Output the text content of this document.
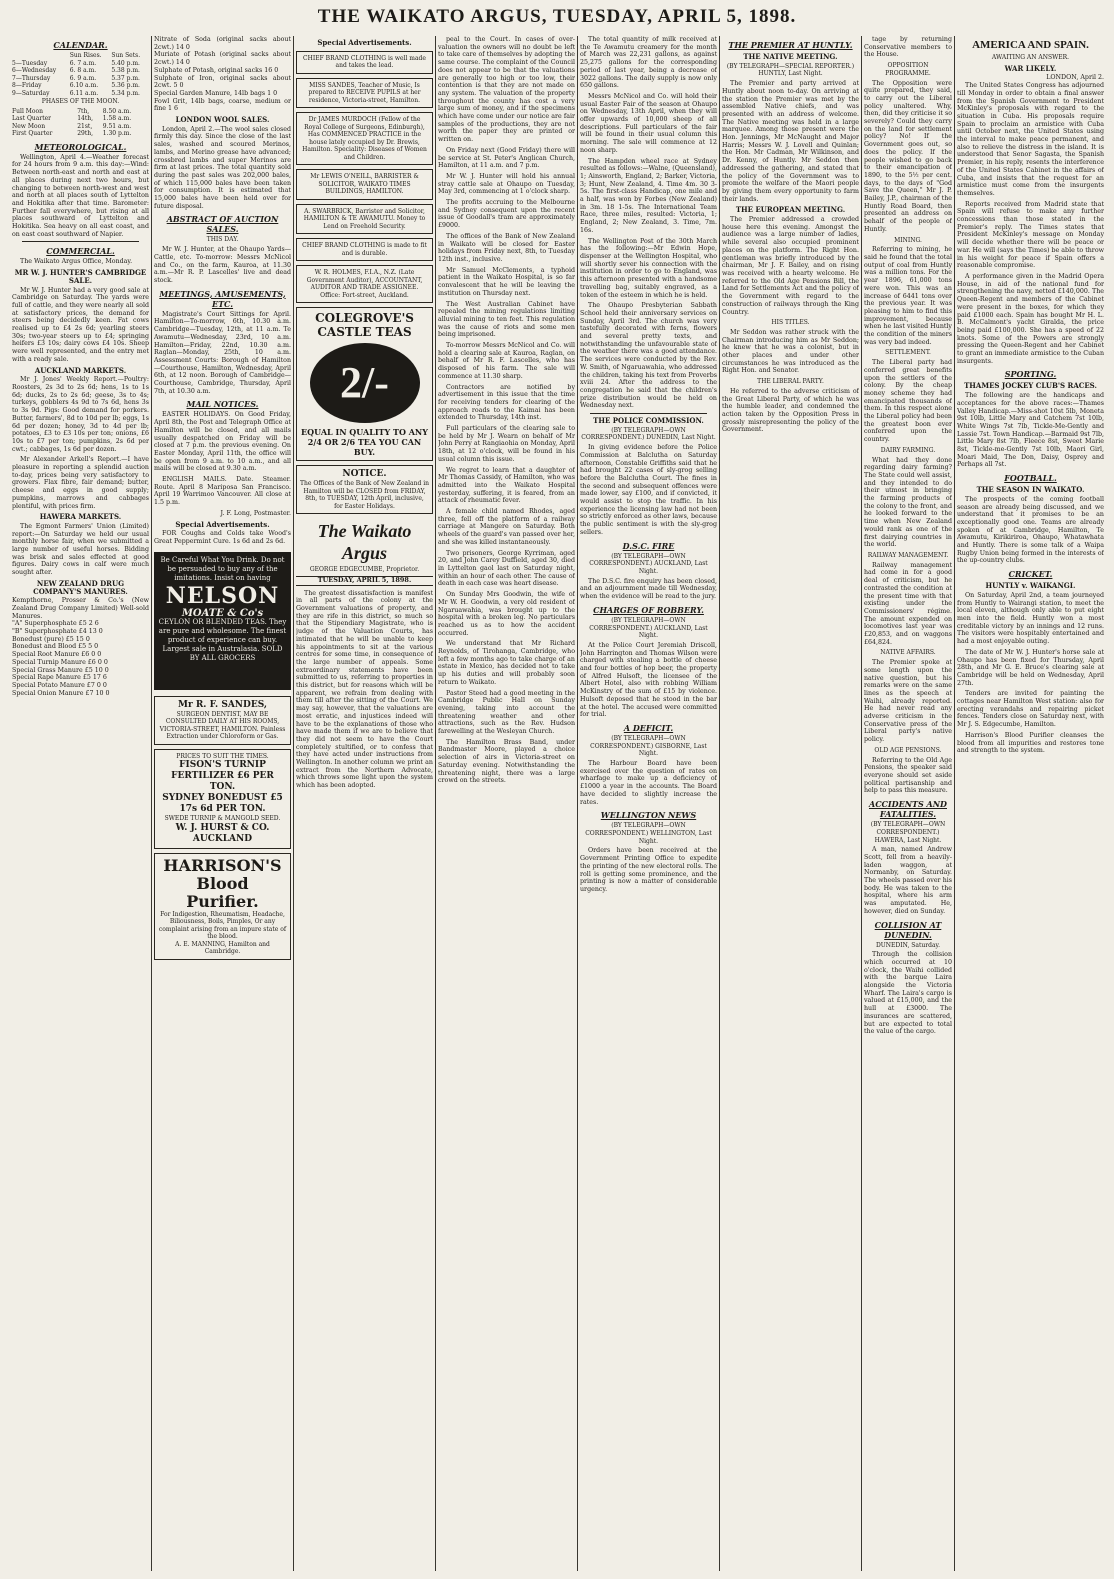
THE WAIKATO ARGUS, TUESDAY, APRIL 5, 1898.
CALENDAR.
	Sun Rises.	Sun Sets.
5—Tuesday	6. 7 a.m.	5.40 p.m.
6—Wednesday	6. 8 a.m.	5.38 p.m.
7—Thursday	6. 9 a.m.	5.37 p.m.
8—Friday	6.10 a.m.	5.36 p.m.
9—Saturday	6.11 a.m.	5.34 p.m.
PHASES OF THE MOON.
Full Moon	7th,	8.50 a.m.
Last Quarter	14th,	1.58 a.m.
New Moon	21st,	9.51 a.m.
First Quarter	29th,	1.30 p.m.
METEOROLOGICAL.

Wellington, April 4.—Weather forecast for 24 hours from 9 a.m. this day:—Wind: Between north-east and north and east at all places during next two hours, but changing to between north-west and west and north at all places south of Lyttelton and Hokitika after that time. Barometer: Further fall everywhere, but rising at all places southward of Lyttelton and Hokitika. Sea heavy on all east coast, and on east coast southward of Napier.

COMMERCIAL.

The Waikato Argus Office, Monday.

MR W. J. HUNTER'S CAMBRIDGE SALE.

Mr W. J. Hunter had a very good sale at Cambridge on Saturday. The yards were full of cattle, and they were nearly all sold at satisfactory prices, the demand for steers being decidedly keen. Fat cows realised up to £4 2s 6d; yearling steers 30s; two-year steers up to £4; springing heifers £3 10s; dairy cows £4 10s. Sheep were well represented, and the entry met with a ready sale.

AUCKLAND MARKETS.

Mr J. Jones' Weekly Report.—Poultry: Roosters, 2s 3d to 2s 6d; hens, 1s to 1s 6d; ducks, 2s to 2s 6d; geese, 3s to 4s; turkeys, gobblers 4s 9d to 7s 6d, hens 3s to 3s 9d. Pigs: Good demand for porkers. Butter, farmers', 8d to 10d per lb; eggs, 1s 6d per dozen; honey, 3d to 4d per lb; potatoes, £3 to £3 10s per ton; onions, £6 10s to £7 per ton; pumpkins, 2s 6d per cwt.; cabbages, 1s 6d per dozen.

Mr Alexander Arkell's Report.—I have pleasure in reporting a splendid auction to-day, prices being very satisfactory to growers. Flax fibre, fair demand; butter, cheese and eggs in good supply; pumpkins, marrows and cabbages plentiful, with prices firm.

HAWERA MARKETS.

The Egmont Farmers' Union (Limited) report:—On Saturday we held our usual monthly horse fair, when we submitted a large number of useful horses. Bidding was brisk and sales effected at good figures. Dairy cows in calf were much sought after.

NEW ZEALAND DRUG COMPANY'S MANURES.
Kempthorne, Prosser & Co.'s (New Zealand Drug Company Limited) Well-sold Manures.
"A" Superphosphate £5 2 6
"B" Superphosphate £4 13 0
Bonedust (pure) £5 15 0
Bonedust and Blood £5 5 0
Special Root Manure £6 0 0
Special Turnip Manure £6 0 0
Special Grass Manure £5 10 0
Special Rape Manure £5 17 6
Special Potato Manure £7 0 0
Special Onion Manure £7 10 0
Nitrate of Soda (original sacks about 2cwt.) 14 0
Muriate of Potash (original sacks about 2cwt.) 14 0
Sulphate of Potash, original sacks 16 0
Sulphate of Iron, original sacks about 2cwt. 5 0
Special Garden Manure, 14lb bags 1 0
Fowl Grit, 14lb bags, coarse, medium or fine 1 6
LONDON WOOL SALES.

London, April 2.—The wool sales closed firmly this day. Since the close of the last sales, washed and scoured Merinos, lambs, and Merino grease have advanced; crossbred lambs and super Merinos are firm at last prices. The total quantity sold during the past sales was 202,000 bales, of which 115,000 bales have been taken for consumption. It is estimated that 15,000 bales have been held over for future disposal.

ABSTRACT OF AUCTION SALES.
THIS DAY.

Mr W. J. Hunter, at the Ohaupo Yards—Cattle, etc. To-morrow: Messrs McNicol and Co., on the farm, Kauroa, at 11.30 a.m.—Mr R. P. Lascelles' live and dead stock.

MEETINGS, AMUSEMENTS, ETC.

Magistrate's Court Sittings for April. Hamilton—To-morrow, 6th, 10.30 a.m. Cambridge—Tuesday, 12th, at 11 a.m. Te Awamutu—Wednesday, 23rd, 10 a.m. Hamilton—Friday, 22nd, 10.30 a.m. Raglan—Monday, 25th, 10 a.m. Assessment Courts: Borough of Hamilton—Courthouse, Hamilton, Wednesday, April 6th, at 12 noon. Borough of Cambridge—Courthouse, Cambridge, Thursday, April 7th, at 10.30 a.m.

MAIL NOTICES.

EASTER HOLIDAYS. On Good Friday, April 8th, the Post and Telegraph Office at Hamilton will be closed, and all mails usually despatched on Friday will be closed at 7 p.m. the previous evening. On Easter Monday, April 11th, the office will be open from 9 a.m. to 10 a.m., and all mails will be closed at 9.30 a.m.

ENGLISH MAILS. Date. Steamer. Route. April 8 Mariposa San Francisco. April 19 Warrimoo Vancouver. All close at 1.5 p.m.

J. F. Long, Postmaster.
Special Advertisements.

FOR Coughs and Colds take Wood's Great Peppermint Cure. 1s 6d and 2s 6d.

Be Careful What You Drink. Do not be persuaded to buy any of the imitations. Insist on having
NELSON
MOATE & Co's
CEYLON OR BLENDED TEAS. They are pure and wholesome. The finest product of experience can buy. Largest sale in Australasia. SOLD BY ALL GROCERS
Mr R. F. SANDES,
SURGEON DENTIST, MAY BE CONSULTED DAILY AT HIS ROOMS, VICTORIA-STREET, HAMILTON. Painless Extraction under Chloroform or Gas.
PRICES TO SUIT THE TIMES.
FISON'S TURNIP FERTILIZER £6 PER TON.
SYDNEY BONEDUST £5 17s 6d PER TON.
SWEDE TURNIP & MANGOLD SEED.
W. J. HURST & CO. AUCKLAND
HARRISON'S Blood Purifier.
For Indigestion, Rheumatism, Headache, Biliousness, Boils, Pimples, Or any complaint arising from an impure state of the blood.
A. E. MANNING, Hamilton and Cambridge.
Special Advertisements.
CHIEF BRAND CLOTHING is well made and takes the lead.
MISS SANDES, Teacher of Music, Is prepared to RECEIVE PUPILS at her residence, Victoria-street, Hamilton.
Dr JAMES MURDOCH (Fellow of the Royal College of Surgeons, Edinburgh), Has COMMENCED PRACTICE in the house lately occupied by Dr. Brewis, Hamilton. Speciality: Diseases of Women and Children.
Mr LEWIS O'NEILL, BARRISTER & SOLICITOR, WAIKATO TIMES BUILDINGS, HAMILTON.
A. SWARBRICK, Barrister and Solicitor, HAMILTON & TE AWAMUTU. Money to Lend on Freehold Security.
CHIEF BRAND CLOTHING is made to fit and is durable.
W. R. HOLMES, F.I.A., N.Z. (Late Government Auditor), ACCOUNTANT, AUDITOR AND TRADE ASSIGNEE. Office: Fort-street, Auckland.
COLEGROVE'S CASTLE TEAS
2/-
EQUAL IN QUALITY TO ANY 2/4 OR 2/6 TEA YOU CAN BUY.
NOTICE.
The Offices of the Bank of New Zealand in Hamilton will be CLOSED from FRIDAY, 8th, to TUESDAY, 12th April, inclusive, for Easter Holidays.
The Waikato Argus
GEORGE EDGECUMBE, Proprietor.
TUESDAY, APRIL 5, 1898.

The greatest dissatisfaction is manifest in all parts of the colony at the Government valuations of property, and they are rife in this district, so much so that the Stipendiary Magistrate, who is judge of the Valuation Courts, has intimated that he will be unable to keep his appointments to sit at the various centres for some time, in consequence of the large number of appeals. Some extraordinary statements have been submitted to us, referring to properties in this district, but for reasons which will be apparent, we refrain from dealing with them till after the sitting of the Court. We may say, however, that the valuations are most erratic, and injustices indeed will have to be the explanations of those who have made them if we are to believe that they did not seem to have the Court completely stultified, or to confess that they have acted under instructions from Wellington. In another column we print an extract from the Northern Advocate, which throws some light upon the system which has been adopted.

peal to the Court. In cases of over-valuation the owners will no doubt be left to take care of themselves by adopting the same course. The complaint of the Council does not appear to be that the valuations are generally too high or too low, their contention is that they are not made on any system. The valuation of the property throughout the county has cost a very large sum of money, and if the specimens which have come under our notice are fair samples of the productions, they are not worth the paper they are printed or written on.

On Friday next (Good Friday) there will be service at St. Peter's Anglican Church, Hamilton, at 11 a.m. and 7 p.m.

Mr W. J. Hunter will hold his annual stray cattle sale at Ohaupo on Tuesday, May 3rd, commencing at 1 o'clock sharp.

The profits accruing to the Melbourne and Sydney consequent upon the recent issue of Goodall's tram are approximately £9000.

The offices of the Bank of New Zealand in Waikato will be closed for Easter holidays from Friday next, 8th, to Tuesday 12th inst., inclusive.

Mr Samuel McClements, a typhoid patient in the Waikato Hospital, is so far convalescent that he will be leaving the institution on Thursday next.

The West Australian Cabinet have repealed the mining regulations limiting alluvial mining to ten feet. This regulation was the cause of riots and some men being imprisoned.

To-morrow Messrs McNicol and Co. will hold a clearing sale at Kauroa, Raglan, on behalf of Mr R. F. Lascelles, who has disposed of his farm. The sale will commence at 11.30 sharp.

Contractors are notified by advertisement in this issue that the time for receiving tenders for clearing of the approach roads to the Kaimai has been extended to Thursday, 14th inst.

Full particulars of the clearing sale to be held by Mr J. Wearn on behalf of Mr John Perry at Rangiaohia on Monday, April 18th, at 12 o'clock, will be found in his usual column this issue.

We regret to learn that a daughter of Mr Thomas Cassidy, of Hamilton, who was admitted into the Waikato Hospital yesterday, suffering, it is feared, from an attack of rheumatic fever.

A female child named Rhodes, aged three, fell off the platform of a railway carriage at Mangere on Saturday. Both wheels of the guard's van passed over her, and she was killed instantaneously.

Two prisoners, George Kyrriman, aged 20, and John Carey Duffield, aged 30, died in Lyttelton gaol last on Saturday night, within an hour of each other. The cause of death in each case was heart disease.

On Sunday Mrs Goodwin, the wife of Mr W. H. Goodwin, a very old resident of Ngaruawahia, was brought up to the hospital with a broken leg. No particulars reached us as to how the accident occurred.

We understand that Mr Richard Reynolds, of Tirohanga, Cambridge, who left a few months ago to take charge of an estate in Mexico, has decided not to take up his duties and will probably soon return to Waikato.

Pastor Steed had a good meeting in the Cambridge Public Hall on Sunday evening, taking into account the threatening weather and other attractions, such as the Rev. Hudson farewelling at the Wesleyan Church.

The Hamilton Brass Band, under Bandmaster Moore, played a choice selection of airs in Victoria-street on Saturday evening. Notwithstanding the threatening night, there was a large crowd on the streets.

The total quantity of milk received at the Te Awamutu creamery for the month of March was 22,231 gallons, as against 25,275 gallons for the corresponding period of last year, being a decrease of 3022 gallons. The daily supply is now only 650 gallons.

Messrs McNicol and Co. will hold their usual Easter Fair of the season at Ohaupo on Wednesday, 13th April, when they will offer upwards of 10,000 sheep of all descriptions. Full particulars of the fair will be found in their usual column this morning. The sale will commence at 12 noon sharp.

The Hampden wheel race at Sydney resulted as follows:—Walne, (Queensland), 1; Ainsworth, England, 2; Barker, Victoria, 3; Hunt, New Zealand, 4. Time 4m. 30 3-5s. The first-class Handicap, one mile and a half, was won by Forbes (New Zealand) in 3m. 18 1-5s. The International Team Race, three miles, resulted: Victoria, 1; England, 2; New Zealand, 3. Time, 7m. 16s.

The Wellington Post of the 30th March has the following:—Mr Edwin Hope, dispenser at the Wellington Hospital, who will shortly sever his connection with the institution in order to go to England, was this afternoon presented with a handsome travelling bag, suitably engraved, as a token of the esteem in which he is held.

The Ohaupo Presbyterian Sabbath School held their anniversary services on Sunday, April 3rd. The church was very tastefully decorated with ferns, flowers and several pretty texts, and notwithstanding the unfavourable state of the weather there was a good attendance. The services were conducted by the Rev. W. Smith, of Ngaruawahia, who addressed the children, taking his text from Proverbs xviii 24. After the address to the congregation he said that the children's prize distribution would be held on Wednesday next.

THE POLICE COMMISSION.
(BY TELEGRAPH—OWN CORRESPONDENT.) DUNEDIN, Last Night.

In giving evidence before the Police Commission at Balclutha on Saturday afternoon, Constable Griffiths said that he had brought 22 cases of sly-grog selling before the Balclutha Court. The fines in the second and subsequent offences were made lower, say £100, and if convicted, it would assist to stop the traffic. In his experience the licensing law had not been so strictly enforced as other laws, because the public sentiment is with the sly-grog sellers.

D.S.C. FIRE
(BY TELEGRAPH—OWN CORRESPONDENT.) AUCKLAND, Last Night.

The D.S.C. fire enquiry has been closed, and an adjournment made till Wednesday, when the evidence will be read to the jury.

CHARGES OF ROBBERY.
(BY TELEGRAPH—OWN CORRESPONDENT.) AUCKLAND, Last Night.

At the Police Court Jeremiah Driscoll, John Harrington and Thomas Wilson were charged with stealing a bottle of cheese and four bottles of hop beer, the property of Alfred Hulsoft, the licensee of the Albert Hotel, also with robbing William McKinstry of the sum of £15 by violence. Hulsoft deposed that he stood in the bar at the hotel. The accused were committed for trial.

A DEFICIT.
(BY TELEGRAPH—OWN CORRESPONDENT.) GISBORNE, Last Night.

The Harbour Board have been exercised over the question of rates on wharfage to make up a deficiency of £1000 a year in the accounts. The Board have decided to slightly increase the rates.

WELLINGTON NEWS
(BY TELEGRAPH—OWN CORRESPONDENT.) WELLINGTON, Last Night.

Orders have been received at the Government Printing Office to expedite the printing of the new electoral rolls. The roll is getting some prominence, and the printing is now a matter of considerable urgency.

THE PREMIER AT HUNTLY.
THE NATIVE MEETING.
(BY TELEGRAPH—SPECIAL REPORTER.) HUNTLY, Last Night.

The Premier and party arrived at Huntly about noon to-day. On arriving at the station the Premier was met by the assembled Native chiefs, and was presented with an address of welcome. The Native meeting was held in a large marquee. Among those present were the Hon. Jennings, Mr McNaught and Major Harris; Messrs W. J. Lovell and Quinlan; the Hon. Mr Cadman, Mr Wilkinson, and Dr. Kenny, of Huntly. Mr Seddon then addressed the gathering, and stated that the policy of the Government was to promote the welfare of the Maori people by giving them every opportunity to farm their lands.

THE EUROPEAN MEETING.

The Premier addressed a crowded house here this evening. Amongst the audience was a large number of ladies, while several also occupied prominent places on the platform. The Right Hon. gentleman was briefly introduced by the chairman, Mr J. F. Bailey, and on rising was received with a hearty welcome. He referred to the Old Age Pensions Bill, the Land for Settlements Act and the policy of the Government with regard to the construction of railways through the King Country.

HIS TITLES.

Mr Seddon was rather struck with the Chairman introducing him as Mr Seddon; he knew that he was a colonist, but in other places and under other circumstances he was introduced as the Right Hon. and Senator.

THE LIBERAL PARTY.

He referred to the adverse criticism of the Great Liberal Party, of which he was the humble leader, and condemned the action taken by the Opposition Press in grossly misrepresenting the policy of the Government.

tage by returning Conservative members to the House.

OPPOSITION PROGRAMME.

The Opposition were quite prepared, they said, to carry out the Liberal policy unaltered. Why, then, did they criticise it so severely? Could they carry on the land for settlement policy? No! If the Government goes out, so does the policy. If the people wished to go back to their emancipation of 1890, to the 5½ per cent. days, to the days of "God Save the Queen," Mr J. P. Bailey, J.P., chairman of the Huntly Road Board, then presented an address on behalf of the people of Huntly.

MINING.

Referring to mining, he said he found that the total output of coal from Huntly was a million tons. For the year 1896, 61,000 tons were won. This was an increase of 6441 tons over the previous year. It was pleasing to him to find this improvement, because when he last visited Huntly the condition of the miners was very bad indeed.

SETTLEMENT.

The Liberal party had conferred great benefits upon the settlers of the colony. By the cheap money scheme they had emancipated thousands of them. In this respect alone the Liberal policy had been the greatest boon ever conferred upon the country.

DAIRY FARMING.

What had they done regarding dairy farming? The State could well assist, and they intended to do their utmost in bringing the farming products of the colony to the front, and he looked forward to the time when New Zealand would rank as one of the first dairying countries in the world.

RAILWAY MANAGEMENT.

Railway management had come in for a good deal of criticism, but he contrasted the condition at the present time with that existing under the Commissioners' régime. The amount expended on locomotives last year was £20,853, and on waggons £64,824.

NATIVE AFFAIRS.

The Premier spoke at some length upon the native question, but his remarks were on the same lines as the speech at Waihi, already reported. He had never read any adverse criticism in the Conservative press of the Liberal party's native policy.

OLD AGE PENSIONS.

Referring to the Old Age Pensions, the speaker said everyone should set aside political partisanship and help to pass this measure.

ACCIDENTS AND FATALITIES.
(BY TELEGRAPH—OWN CORRESPONDENT.) HAWERA, Last Night.

A man, named Andrew Scott, fell from a heavily-laden waggon, at Normanby, on Saturday. The wheels passed over his body. He was taken to the hospital, where his arm was amputated. He, however, died on Sunday.

COLLISION AT DUNEDIN.
DUNEDIN, Saturday.

Through the collision which occurred at 10 o'clock, the Waihi collided with the barque Laira alongside the Victoria Wharf. The Laira's cargo is valued at £15,000, and the hull at £3000. The insurances are scattered, but are expected to total the value of the cargo.

AMERICA AND SPAIN.
AWAITING AN ANSWER.
WAR LIKELY.
LONDON, April 2.

The United States Congress has adjourned till Monday in order to obtain a final answer from the Spanish Government to President McKinley's proposals with regard to the situation in Cuba. His proposals require Spain to proclaim an armistice with Cuba until October next, the United States using the interval to make peace permanent, and also to relieve the distress in the island. It is understood that Senor Sagasta, the Spanish Premier, in his reply, resents the interference of the United States Cabinet in the affairs of Cuba, and insists that the request for an armistice must come from the insurgents themselves.

Reports received from Madrid state that Spain will refuse to make any further concessions than those stated in the Premier's reply. The Times states that President McKinley's message on Monday will decide whether there will be peace or war. He will (says the Times) be able to throw in his weight for peace if Spain offers a reasonable compromise.

A performance given in the Madrid Opera House, in aid of the national fund for strengthening the navy, netted £140,000. The Queen-Regent and members of the Cabinet were present in the boxes, for which they paid £1000 each. Spain has bought Mr H. L. B. McCalmont's yacht Giralda, the price being paid £100,000. She has a speed of 22 knots. Some of the Powers are strongly pressing the Queen-Regent and her Cabinet to grant an immediate armistice to the Cuban insurgents.

SPORTING.
THAMES JOCKEY CLUB'S RACES.

The following are the handicaps and acceptances for the above races:—Thames Valley Handicap.—Miss-shot 10st 5lb, Moneta 9st 10lb, Little Mary and Catchem 7st 10lb, White Wings 7st 7lb, Tickle-Me-Gently and Lassie 7st. Town Handicap.—Barmaid 9st 7lb, Little Mary 8st 7lb, Fleece 8st, Sweet Marie 8st, Tickle-me-Gently 7st 10lb, Maori Girl, Moari Maid, The Don, Daisy, Osprey and Perhaps all 7st.

FOOTBALL.
THE SEASON IN WAIKATO.

The prospects of the coming football season are already being discussed, and we understand that it promises to be an exceptionally good one. Teams are already spoken of at Cambridge, Hamilton, Te Awamutu, Kirikiriroa, Ohaupo, Whatawhata and Huntly. There is some talk of a Waipa Rugby Union being formed in the interests of the up-country clubs.

CRICKET.
HUNTLY v. WAIKANGI.

On Saturday, April 2nd, a team journeyed from Huntly to Wairangi station, to meet the local eleven, although only able to put eight men into the field. Huntly won a most creditable victory by an innings and 12 runs. The visitors were hospitably entertained and had a most enjoyable outing.

The date of Mr W. J. Hunter's horse sale at Ohaupo has been fixed for Thursday, April 28th, and Mr G. E. Bruce's clearing sale at Cambridge will be held on Wednesday, April 27th.

Tenders are invited for painting the cottages near Hamilton West station: also for erecting verandahs and repairing picket fences. Tenders close on Saturday next, with Mr J. S. Edgecumbe, Hamilton.

Harrison's Blood Purifier cleanses the blood from all impurities and restores tone and strength to the system.
